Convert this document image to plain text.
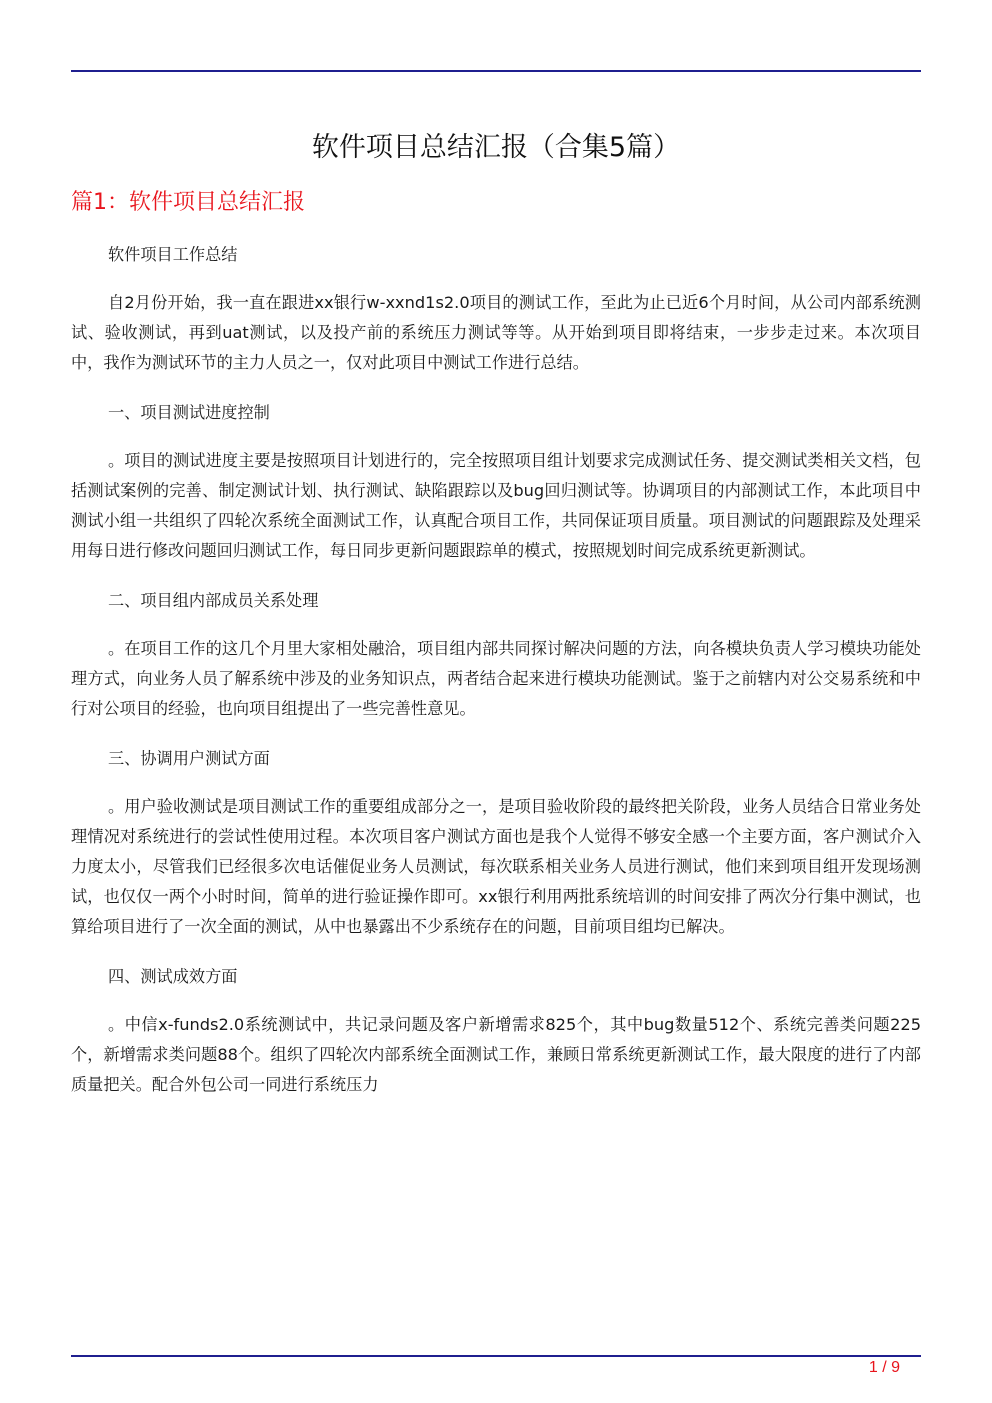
软件项目总结汇报（合集5篇）
篇1：软件项目总结汇报

软件项目工作总结

自2月份开始，我一直在跟进xx银行w-xxnd1s2.0项目的测试工作，至此为止已近6个月时间，从公司内部系统测试、验收测试，再到uat测试，以及投产前的系统压力测试等等。从开始到项目即将结束，一步步走过来。本次项目中，我作为测试环节的主力人员之一，仅对此项目中测试工作进行总结。

一、项目测试进度控制

。项目的测试进度主要是按照项目计划进行的，完全按照项目组计划要求完成测试任务、提交测试类相关文档，包括测试案例的完善、制定测试计划、执行测试、缺陷跟踪以及bug回归测试等。协调项目的内部测试工作，本此项目中测试小组一共组织了四轮次系统全面测试工作，认真配合项目工作，共同保证项目质量。项目测试的问题跟踪及处理采用每日进行修改问题回归测试工作，每日同步更新问题跟踪单的模式，按照规划时间完成系统更新测试。

二、项目组内部成员关系处理

。在项目工作的这几个月里大家相处融洽，项目组内部共同探讨解决问题的方法，向各模块负责人学习模块功能处理方式，向业务人员了解系统中涉及的业务知识点，两者结合起来进行模块功能测试。鉴于之前辖内对公交易系统和中行对公项目的经验，也向项目组提出了一些完善性意见。

三、协调用户测试方面

。用户验收测试是项目测试工作的重要组成部分之一，是项目验收阶段的最终把关阶段，业务人员结合日常业务处理情况对系统进行的尝试性使用过程。本次项目客户测试方面也是我个人觉得不够安全感一个主要方面，客户测试介入力度太小，尽管我们已经很多次电话催促业务人员测试，每次联系相关业务人员进行测试，他们来到项目组开发现场测试，也仅仅一两个小时时间，简单的进行验证操作即可。xx银行利用两批系统培训的时间安排了两次分行集中测试，也算给项目进行了一次全面的测试，从中也暴露出不少系统存在的问题，目前项目组均已解决。

四、测试成效方面

。中信x-funds2.0系统测试中，共记录问题及客户新增需求825个，其中bug数量512个、系统完善类问题225个，新增需求类问题88个。组织了四轮次内部系统全面测试工作，兼顾日常系统更新测试工作，最大限度的进行了内部质量把关。配合外包公司一同进行系统压力

1 / 9
